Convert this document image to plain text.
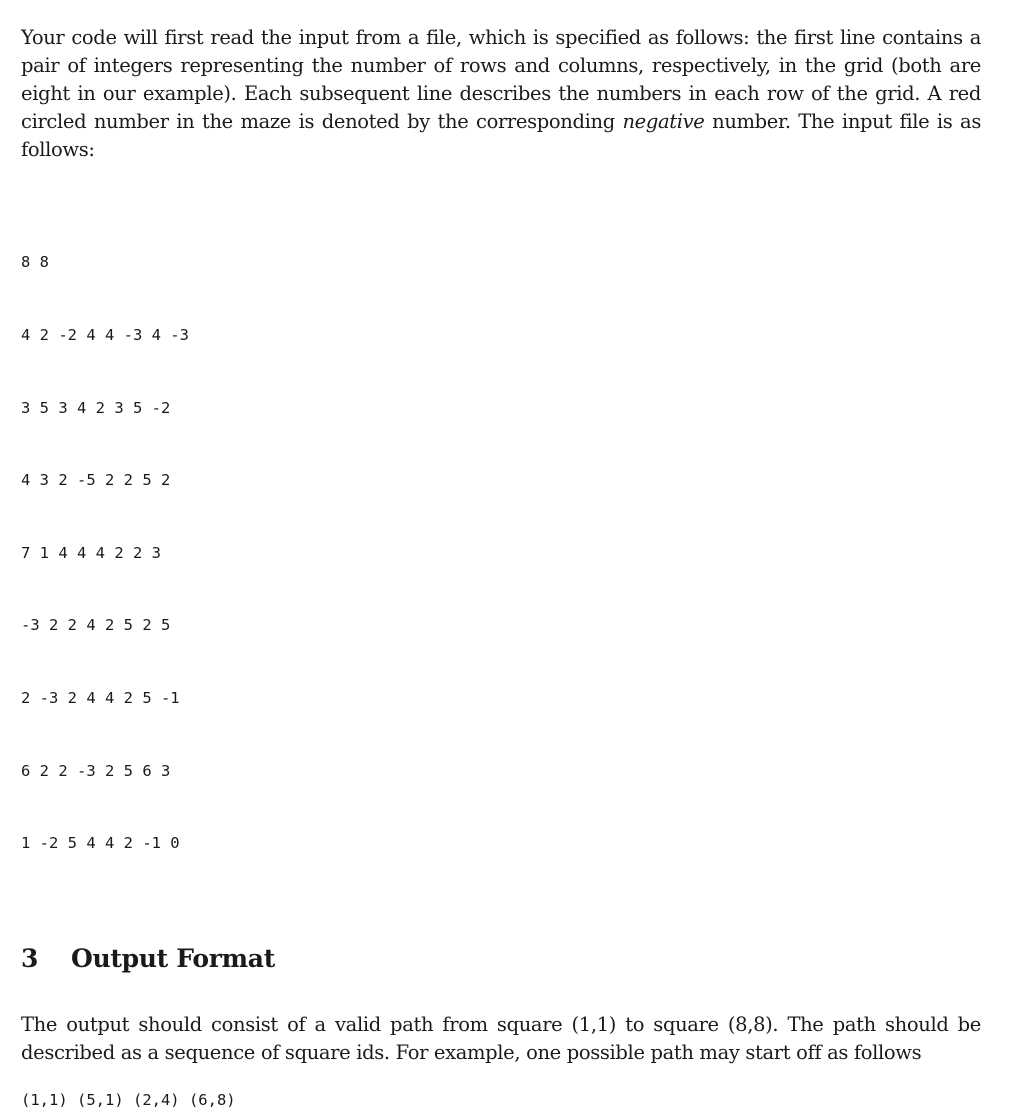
Your code will first read the input from a file, which is specified as follows: the first line contains a pair of integers representing the number of rows and columns, respectively, in the grid (both are eight in our example). Each subsequent line describes the numbers in each row of the grid. A red circled number in the maze is denoted by the corresponding negative number. The input file is as follows:

8 8

4 2 -2 4 4 -3 4 -3

3 5 3 4 2 3 5 -2

4 3 2 -5 2 2 5 2

7 1 4 4 4 2 2 3

-3 2 2 4 2 5 2 5

2 -3 2 4 4 2 5 -1

6 2 2 -3 2 5 6 3

1 -2 5 4 4 2 -1 0

3	Output Format

The output should consist of a valid path from square (1,1) to square (8,8). The path should be described as a sequence of square ids. For example, one possible path may start off as follows

(1,1) (5,1) (2,4) (6,8)
